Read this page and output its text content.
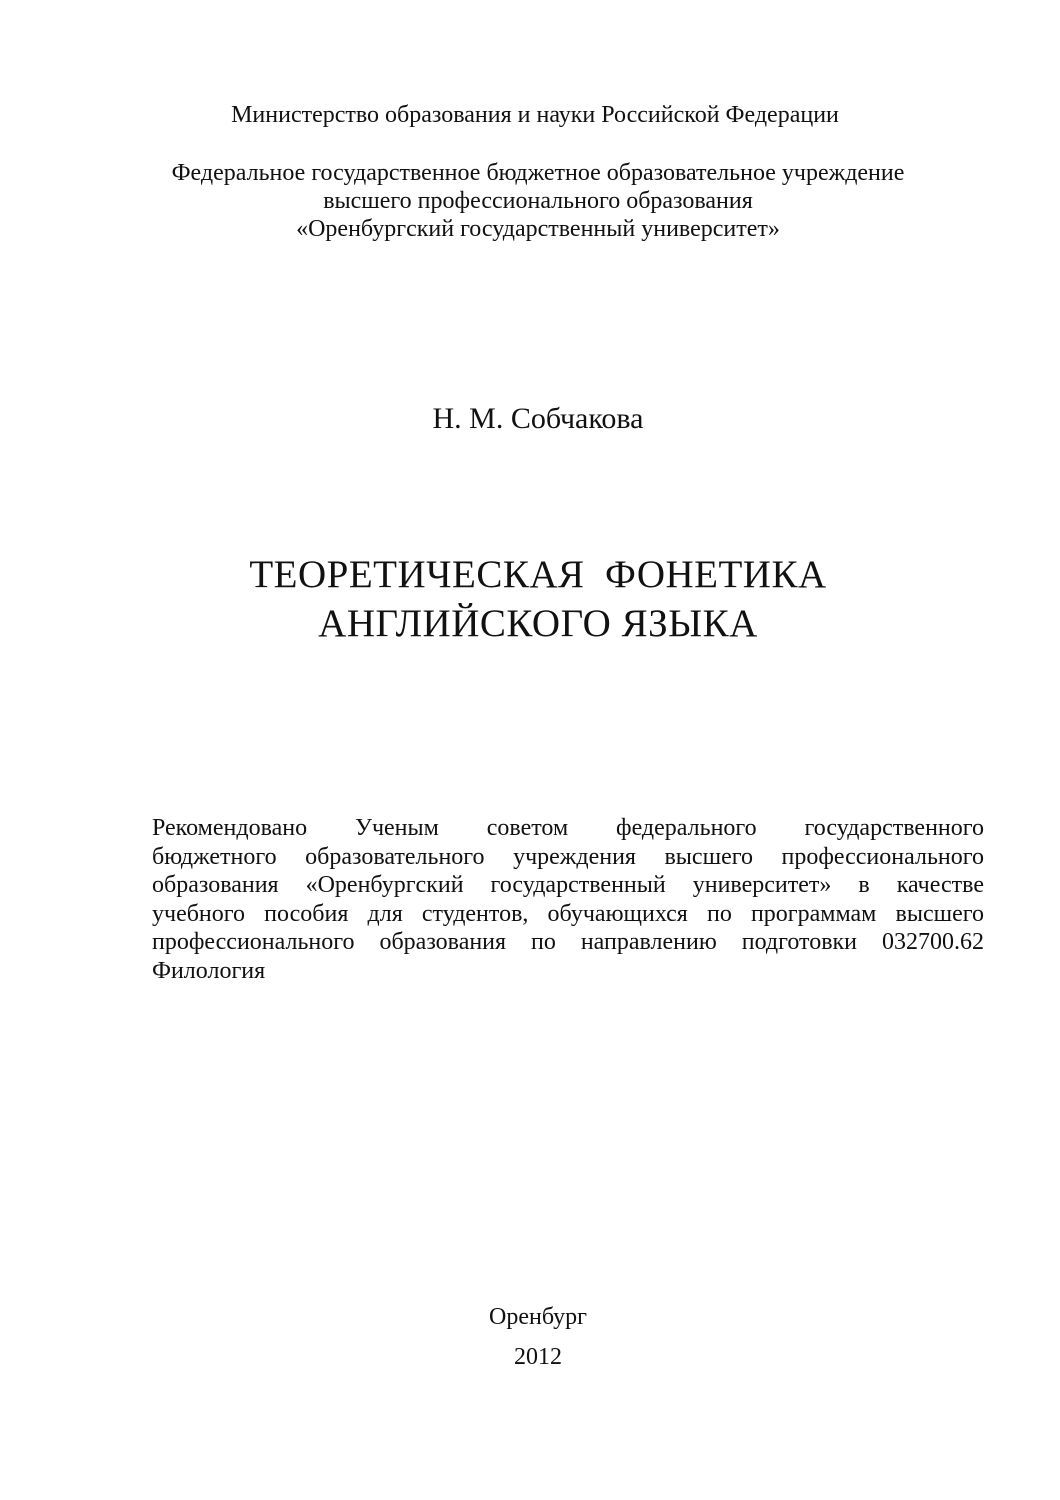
Министерство образования и науки Российской Федерации
Федеральное государственное бюджетное образовательное учреждение
высшего профессионального образования
«Оренбургский государственный университет»
Н. М. Собчакова
ТЕОРЕТИЧЕСКАЯ  ФОНЕТИКА
АНГЛИЙСКОГО ЯЗЫКА
Рекомендовано Ученым советом федерального государственного
бюджетного образовательного учреждения высшего профессионального
образования «Оренбургский государственный университет» в качестве
учебного пособия для студентов, обучающихся по программам высшего
профессионального образования по направлению подготовки 032700.62
Филология
Оренбург
2012
